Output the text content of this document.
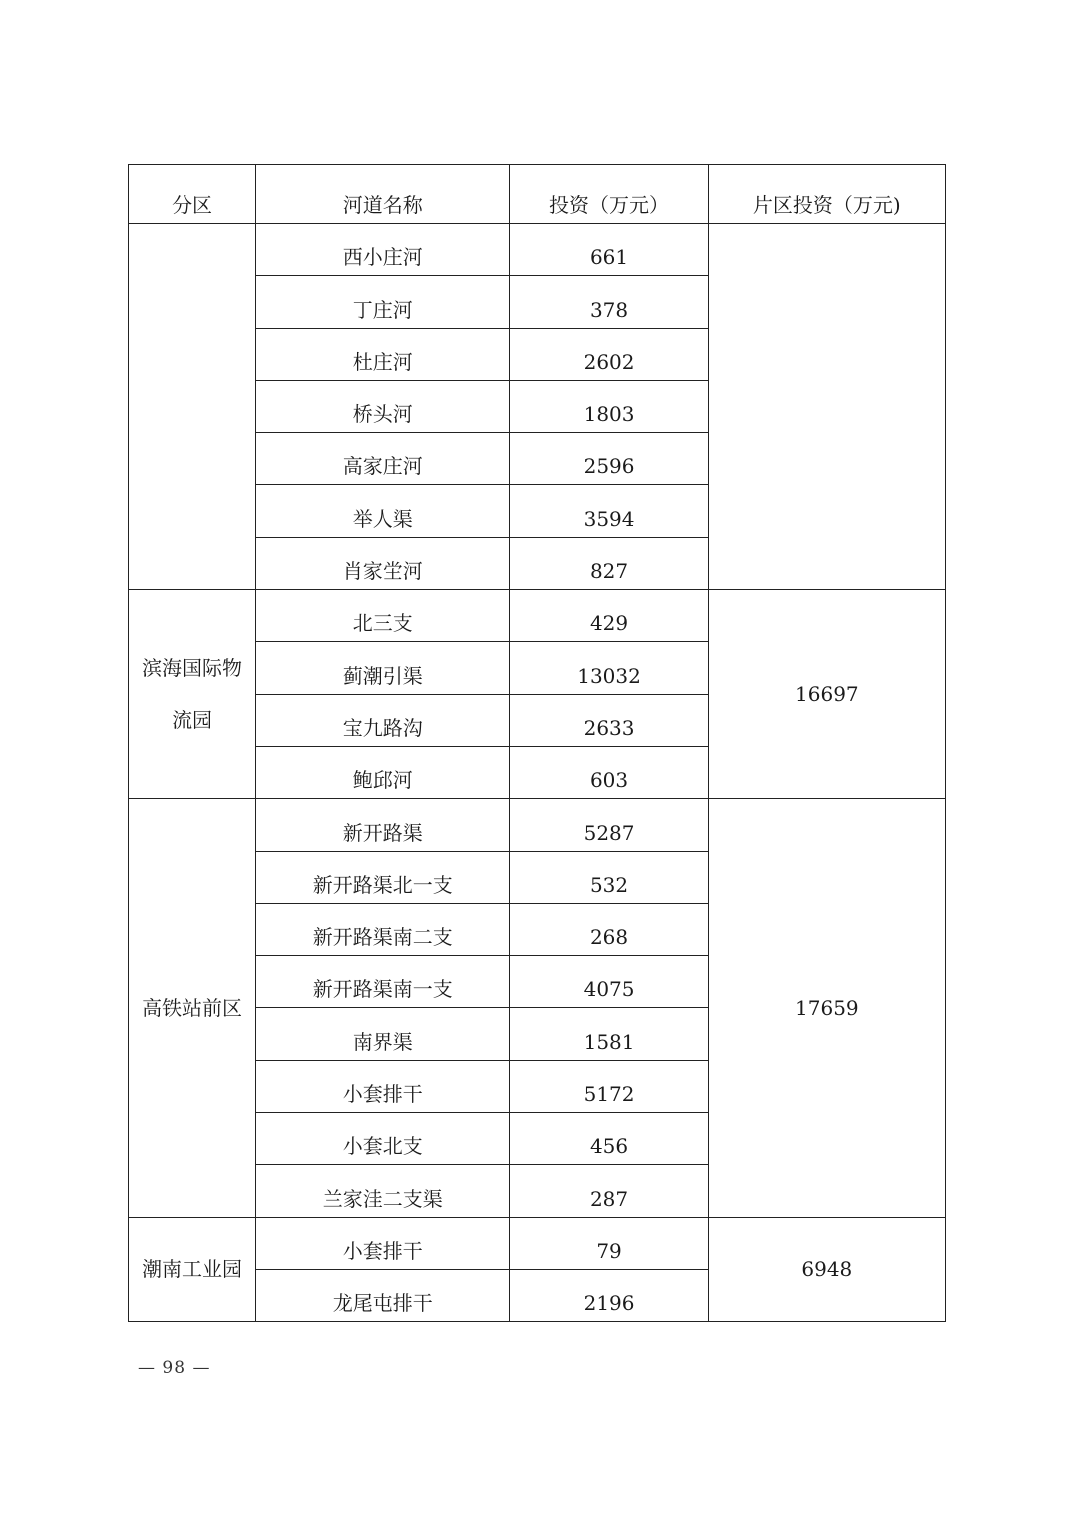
分区	河道名称	投资（万元）	片区投资（万元)
	西小庄河	661	
	丁庄河	378	
	杜庄河	2602	
	桥头河	1803	
	高家庄河	2596	
	举人渠	3594	
	肖家坣河	827	
滨海国际物流园	北三支	429	16697
	蓟潮引渠	13032	
	宝九路沟	2633	
	鲍邱河	603	
高铁站前区	新开路渠	5287	17659
	新开路渠北一支	532	
	新开路渠南二支	268	
	新开路渠南一支	4075	
	南界渠	1581	
	小套排干	5172	
	小套北支	456	
	兰家洼二支渠	287	
潮南工业园	小套排干	79	6948
	龙尾屯排干	2196	
— 98 —
